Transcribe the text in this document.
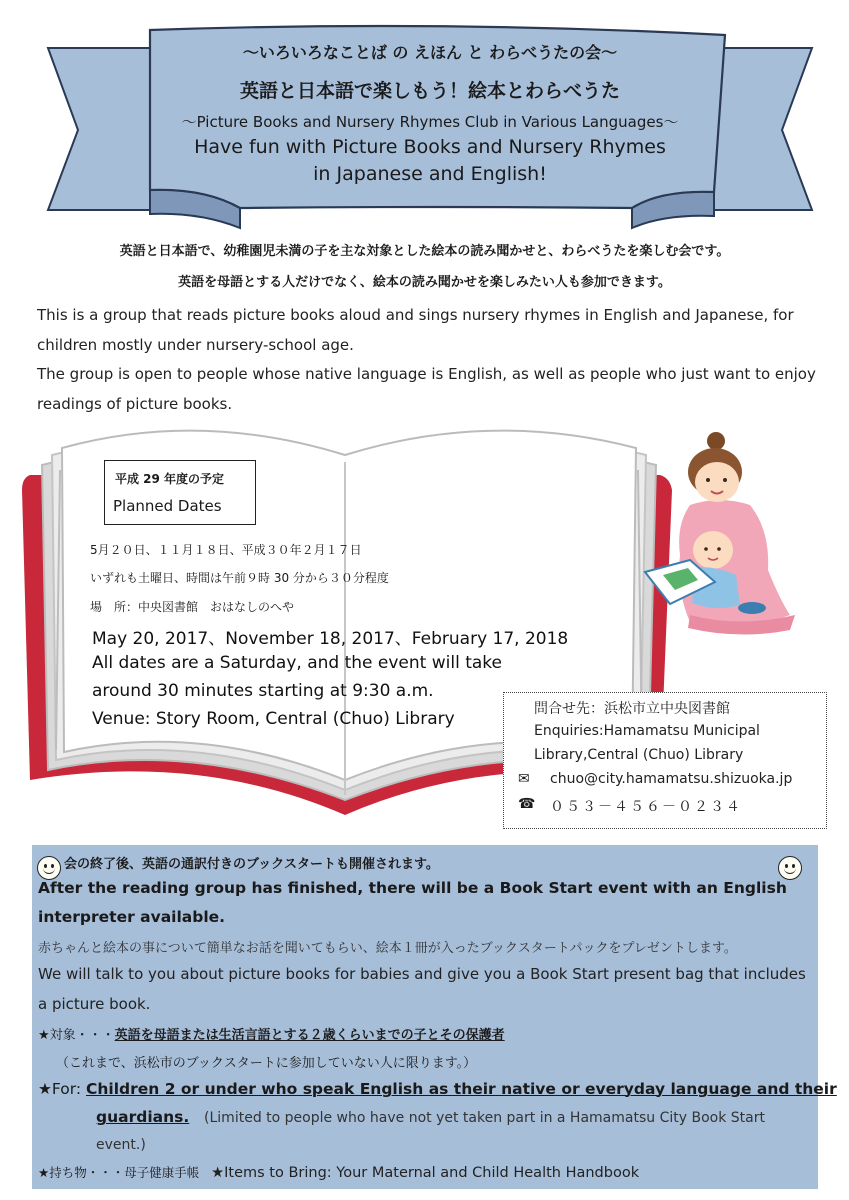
〜いろいろなことば の えほん と わらべうたの会〜
英語と日本語で楽しもう！絵本とわらべうた
〜Picture Books and Nursery Rhymes Club in Various Languages〜
Have fun with Picture Books and Nursery Rhymes
in Japanese and English!
英語と日本語で、幼稚園児未満の子を主な対象とした絵本の読み聞かせと、わらべうたを楽しむ会です。
英語を母語とする人だけでなく、絵本の読み聞かせを楽しみたい人も参加できます。
This is a group that reads picture books aloud and sings nursery rhymes in English and Japanese, for children mostly under nursery-school age.
The group is open to people whose native language is English, as well as people who just want to enjoy readings of picture books.
平成 29 年度の予定
Planned Dates
5月２０日、１１月１８日、平成３０年２月１７日
いずれも土曜日、時間は午前９時 30 分から３０分程度
場　所：中央図書館　おはなしのへや
May 20, 2017、November 18, 2017、February 17, 2018
All dates are a Saturday, and the event will take
around 30 minutes starting at 9:30 a.m.
Venue: Story Room, Central (Chuo) Library	問合せ先：浜松市立中央図書館
Enquiries:Hamamatsu Municipal
Library,Central (Chuo) Library
✉ chuo@city.hamamatsu.shizuoka.jp
☎ ０５３－４５６－０２３４
会の終了後、英語の通訳付きのブックスタートも開催されます。
After the reading group has finished, there will be a Book Start event with an English
interpreter available.
赤ちゃんと絵本の事について簡単なお話を聞いてもらい、絵本１冊が入ったブックスタートパックをプレゼントします。
We will talk to you about picture books for babies and give you a Book Start present bag that includes
a picture book.
★対象・・・英語を母語または生活言語とする２歳くらいまでの子とその保護者
（これまで、浜松市のブックスタートに参加していない人に限ります。）
★For: Children 2 or under who speak English as their native or everyday language and their
guardians. (Limited to people who have not yet taken part in a Hamamatsu City Book Start
event.)
★持ち物・・・母子健康手帳 ★Items to Bring: Your Maternal and Child Health Handbook
